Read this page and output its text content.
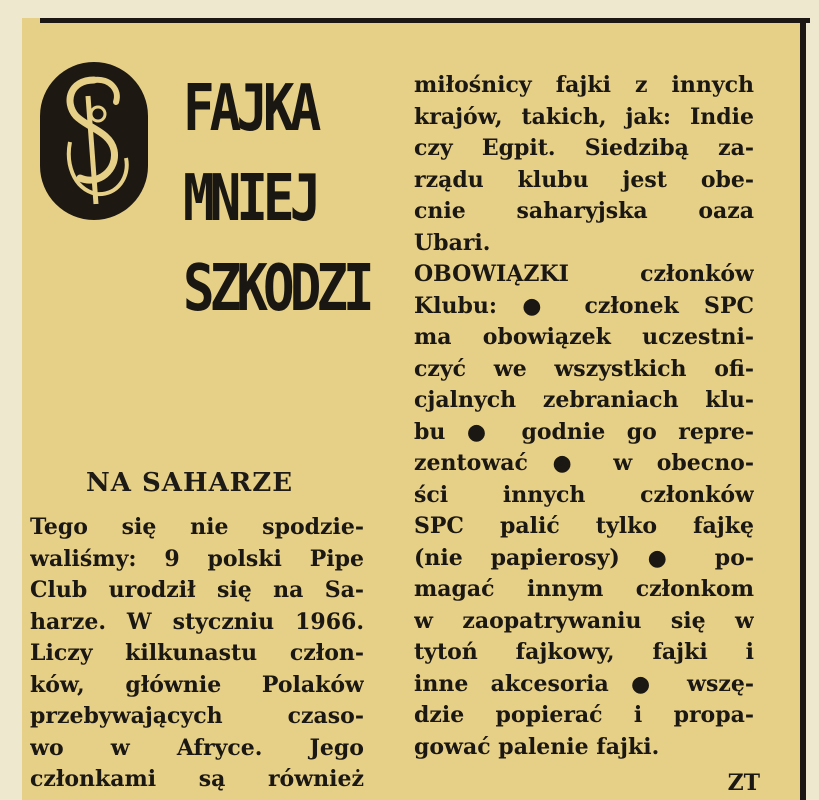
FAJKA
MNIEJ
SZKODZI
NA SAHARZE
Tego się nie spodzie-
waliśmy: 9 polski Pipe
Club urodził się na Sa-
harze. W styczniu 1966.
Liczy kilkunastu człon-
ków, głównie Polaków
przebywających czaso-
wo w Afryce. Jego
członkami są również
miłośnicy fajki z innych
krajów, takich, jak: Indie
czy Egpit. Siedzibą za-
rządu klubu jest obe-
cnie saharyjska oaza
Ubari.
OBOWIĄZKI członków
Klubu: ● członek SPC
ma obowiązek uczestni-
czyć we wszystkich ofi-
cjalnych zebraniach klu-
bu ● godnie go repre-
zentować ● w obecno-
ści innych członków
SPC palić tylko fajkę
(nie papierosy) ● po-
magać innym członkom
w zaopatrywaniu się w
tytoń fajkowy, fajki i
inne akcesoria ● wszę-
dzie popierać i propa-
gować palenie fajki.
ZT
